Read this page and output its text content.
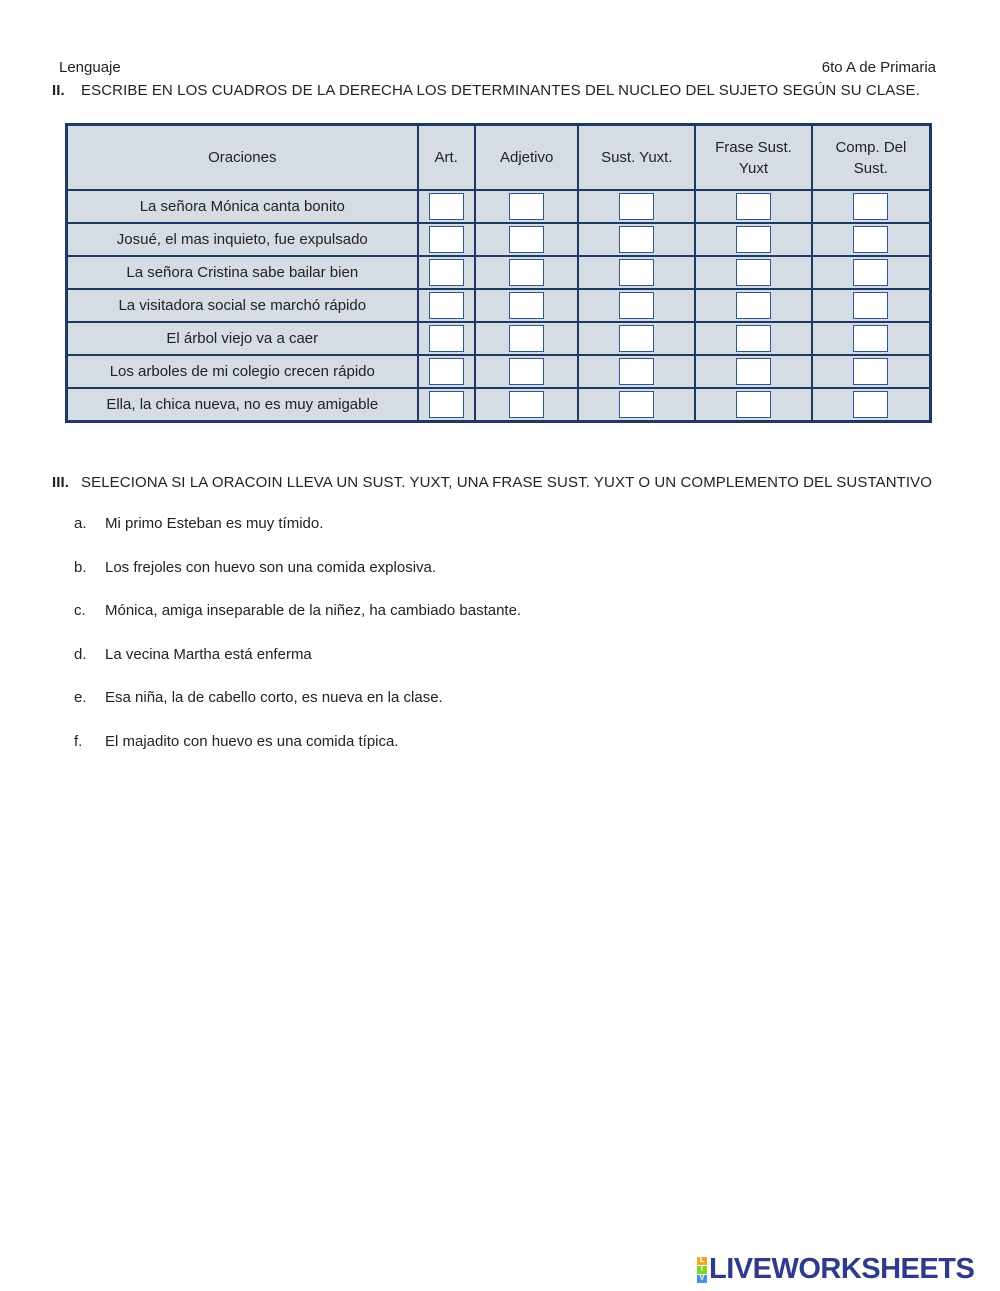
Lenguaje	6to A de Primaria
II. ESCRIBE EN LOS CUADROS DE LA DERECHA LOS DETERMINANTES DEL NUCLEO DEL SUJETO SEGÚN SU CLASE.
Oraciones	Art.	Adjetivo	Sust. Yuxt.	Frase Sust. Yuxt	Comp. Del Sust.
La señora Mónica canta bonito					
Josué, el mas inquieto, fue expulsado					
La señora Cristina sabe bailar bien					
La visitadora social se marchó rápido					
El árbol viejo va a caer					
Los arboles de mi colegio crecen rápido					
Ella, la chica nueva, no es muy amigable					
III. SELECIONA SI LA ORACOIN LLEVA UN SUST. YUXT, UNA FRASE SUST. YUXT O UN COMPLEMENTO DEL SUSTANTIVO
a.	Mi primo Esteban es muy tímido.
b.	Los frejoles con huevo son una comida explosiva.
c.	Mónica, amiga inseparable de la niñez, ha cambiado bastante.
d.	La vecina Martha está enferma
e.	Esa niña, la de cabello corto, es nueva en la clase.
f.	El majadito con huevo es una comida típica.
L
I
V LIVEWORKSHEETS
